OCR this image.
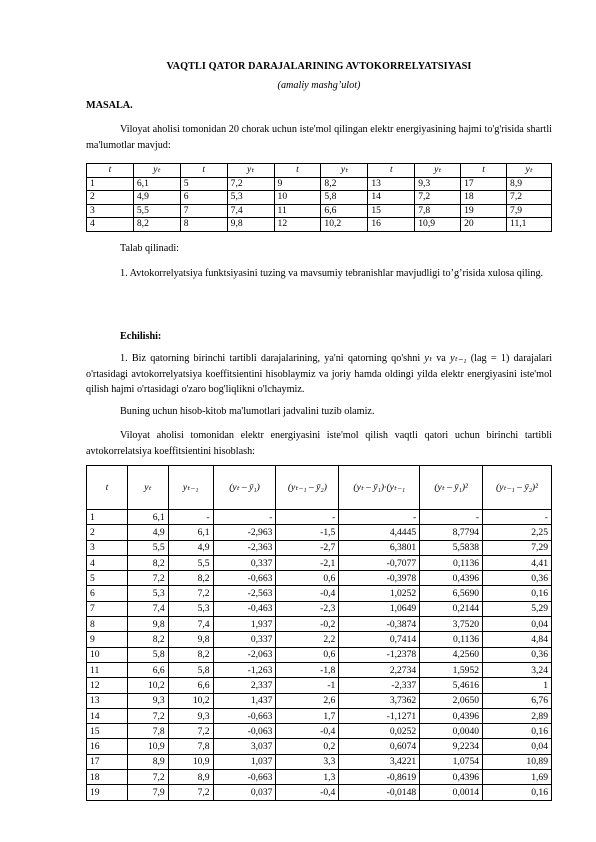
VAQTLI QATOR DARAJALARINING AVTOKORRELYATSIYASI
(amaliy mashg’ulot)
MASALA.
Viloyat aholisi tomonidan 20 chorak uchun iste'mol qilingan elektr energiyasining hajmi to'g'risida shartli ma'lumotlar mavjud:
t	yₜ	t	yₜ	t	yₜ	t	yₜ	t	yₜ
1	6,1	5	7,2	9	8,2	13	9,3	17	8,9
2	4,9	6	5,3	10	5,8	14	7,2	18	7,2
3	5,5	7	7,4	11	6,6	15	7,8	19	7,9
4	8,2	8	9,8	12	10,2	16	10,9	20	11,1
Talab qilinadi:
1. Avtokorrelyatsiya funktsiyasini tuzing va mavsumiy tebranishlar mavjudligi to’g’risida xulosa qiling.
Echilishi:
1. Biz qatorning birinchi tartibli darajalarining, ya'ni qatorning qo'shni yₜ va yₜ₋₁ (lag = 1) darajalari o'rtasidagi avtokorrelyatsiya koeffitsientini hisoblaymiz va joriy hamda oldingi yilda elektr energiyasini iste'mol qilish hajmi o'rtasidagi o'zaro bog'liqlikni o'lchaymiz.
Buning uchun hisob-kitob ma'lumotlari jadvalini tuzib olamiz.
Viloyat aholisi tomonidan elektr energiyasini iste'mol qilish vaqtli qatori uchun birinchi tartibli avtokorrelatsiya koeffitsientini hisoblash:
t	yₜ	yₜ₋₁	(yₜ – ȳ₁)	(yₜ₋₁ – ȳ₂)	(yₜ – ȳ₁)·(yₜ₋₁	(yₜ – ȳ₁)²	(yₜ₋₁ – ȳ₂)²
1	6,1	-	-	-	-	-	-
2	4,9	6,1	-2,963	-1,5	4,4445	8,7794	2,25
3	5,5	4,9	-2,363	-2,7	6,3801	5,5838	7,29
4	8,2	5,5	0,337	-2,1	-0,7077	0,1136	4,41
5	7,2	8,2	-0,663	0,6	-0,3978	0,4396	0,36
6	5,3	7,2	-2,563	-0,4	1,0252	6,5690	0,16
7	7,4	5,3	-0,463	-2,3	1,0649	0,2144	5,29
8	9,8	7,4	1,937	-0,2	-0,3874	3,7520	0,04
9	8,2	9,8	0,337	2,2	0,7414	0,1136	4,84
10	5,8	8,2	-2,063	0,6	-1,2378	4,2560	0,36
11	6,6	5,8	-1,263	-1,8	2,2734	1,5952	3,24
12	10,2	6,6	2,337	-1	-2,337	5,4616	1
13	9,3	10,2	1,437	2,6	3,7362	2,0650	6,76
14	7,2	9,3	-0,663	1,7	-1,1271	0,4396	2,89
15	7,8	7,2	-0,063	-0,4	0,0252	0,0040	0,16
16	10,9	7,8	3,037	0,2	0,6074	9,2234	0,04
17	8,9	10,9	1,037	3,3	3,4221	1,0754	10,89
18	7,2	8,9	-0,663	1,3	-0,8619	0,4396	1,69
19	7,9	7,2	0,037	-0,4	-0,0148	0,0014	0,16
